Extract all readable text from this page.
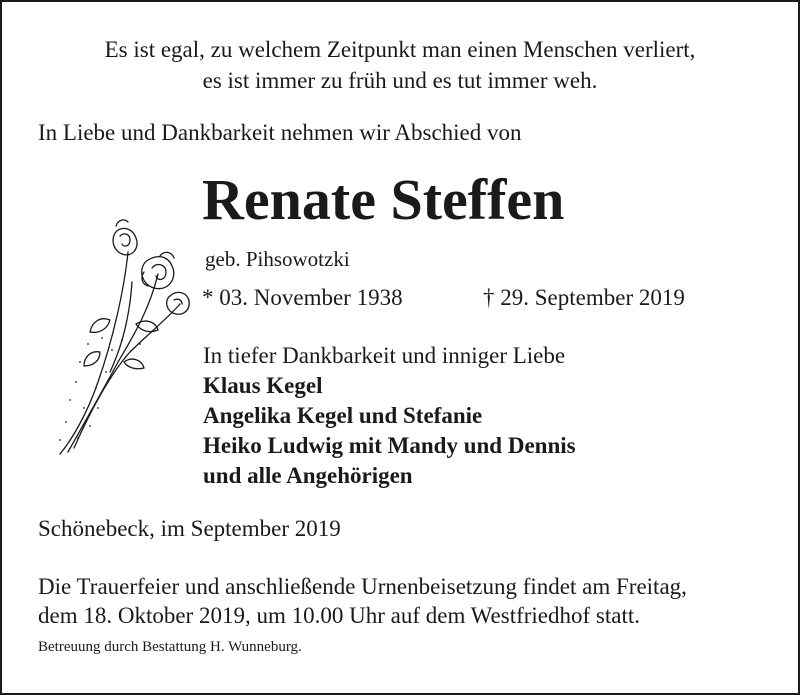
Es ist egal, zu welchem Zeitpunkt man einen Menschen verliert,
es ist immer zu früh und es tut immer weh.
In Liebe und Dankbarkeit nehmen wir Abschied von
Renate Steffen
geb. Pihsowotzki
* 03. November 1938	† 29. September 2019
In tiefer Dankbarkeit und inniger Liebe
Klaus Kegel
Angelika Kegel und Stefanie
Heiko Ludwig mit Mandy und Dennis
und alle Angehörigen
Schönebeck, im September 2019
Die Trauerfeier und anschließende Urnenbeisetzung findet am Freitag,
dem 18. Oktober 2019, um 10.00 Uhr auf dem Westfriedhof statt.
Betreuung durch Bestattung H. Wunneburg.
